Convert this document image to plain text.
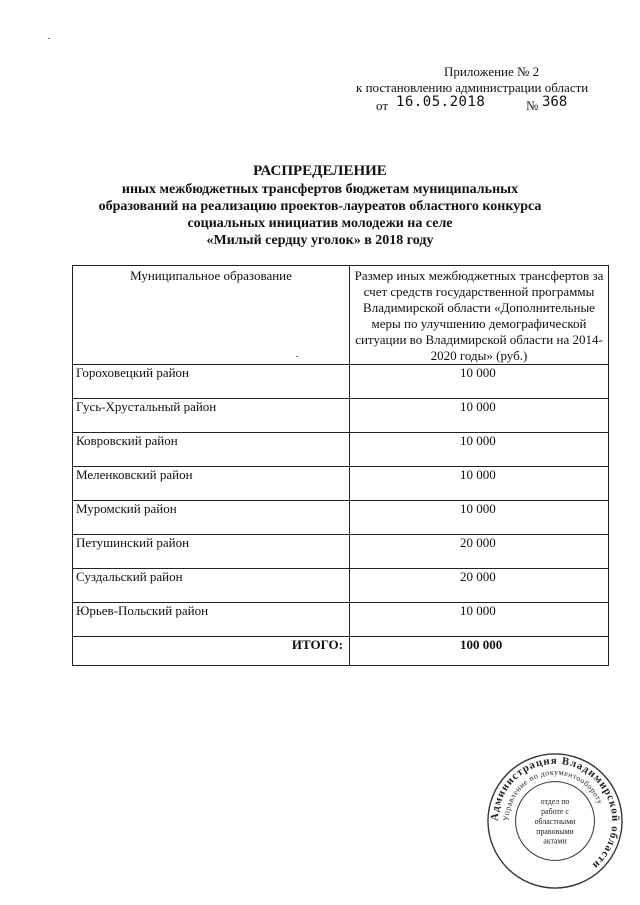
Приложение № 2
к постановлению администрации области
от 16.05.2018	№ 368
РАСПРЕДЕЛЕНИЕ
иных межбюджетных трансфертов бюджетам муниципальных
образований на реализацию проектов-лауреатов областного конкурса
социальных инициатив молодежи на селе
«Милый сердцу уголок» в 2018 году
Муниципальное образование	Размер иных межбюджетных трансфертов за счет средств государственной программы Владимирской области «Дополнительные меры по улучшению демографической ситуации во Владимирской области на 2014-2020 годы» (руб.)
Гороховецкий район	10 000
Гусь-Хрустальный район	10 000
Ковровский район	10 000
Меленковский район	10 000
Муромский район	10 000
Петушинский район	20 000
Суздальский район	20 000
Юрьев-Польский район	10 000
ИТОГО:	100 000
Администрация Владимирской области
Управление по документообороту
отдел по работе с областными правовыми актами
